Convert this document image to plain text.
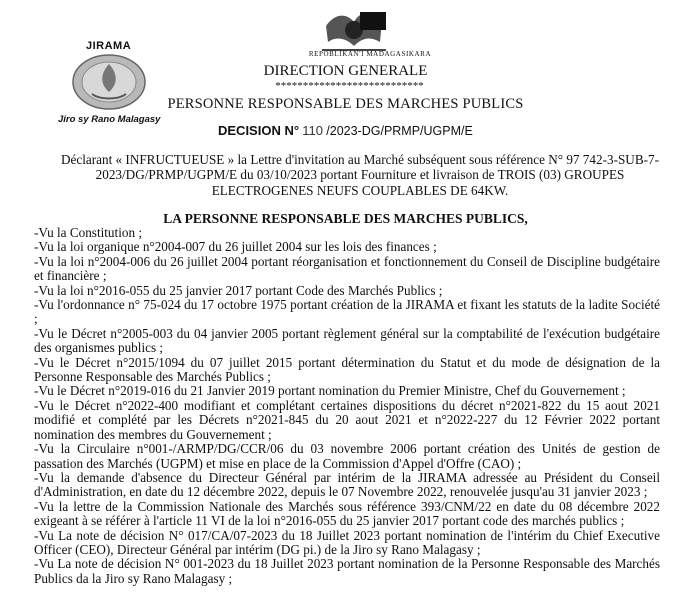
JIRAMA
Jiro sy Rano Malagasy
REPOBLIKAN'I MADAGASIKARA
DIRECTION GENERALE
***************************
PERSONNE RESPONSABLE DES MARCHES PUBLICS
DECISION N° 110 /2023-DG/PRMP/UGPM/E
Déclarant « INFRUCTUEUSE » la Lettre d'invitation au Marché subséquent sous référence N° 97 742-3-SUB-7-2023/DG/PRMP/UGPM/E du 03/10/2023 portant Fourniture et livraison de TROIS (03) GROUPES ELECTROGENES NEUFS COUPLABLES DE 64KW.
LA PERSONNE RESPONSABLE DES MARCHES PUBLICS,

-Vu la Constitution ;

-Vu la loi organique n°2004-007 du 26 juillet 2004 sur les lois des finances ;

-Vu la loi n°2004-006 du 26 juillet 2004 portant réorganisation et fonctionnement du Conseil de Discipline budgétaire et financière ;

-Vu la loi n°2016-055 du 25 janvier 2017 portant Code des Marchés Publics ;

-Vu l'ordonnance n° 75-024 du 17 octobre 1975 portant création de la JIRAMA et fixant les statuts de la ladite Société ;

-Vu le Décret n°2005-003 du 04 janvier 2005 portant règlement général sur la comptabilité de l'exécution budgétaire des organismes publics ;

-Vu le Décret n°2015/1094 du 07 juillet 2015 portant détermination du Statut et du mode de désignation de la Personne Responsable des Marchés Publics ;

-Vu le Décret n°2019-016 du 21 Janvier 2019 portant nomination du Premier Ministre, Chef du Gouvernement ;

-Vu le Décret n°2022-400 modifiant et complétant certaines dispositions du décret n°2021-822 du 15 aout 2021 modifié et complété par les Décrets n°2021-845 du 20 aout 2021 et n°2022-227 du 12 Février 2022 portant nomination des membres du Gouvernement ;

-Vu la Circulaire n°001-/ARMP/DG/CCR/06 du 03 novembre 2006 portant création des Unités de gestion de passation des Marchés (UGPM) et mise en place de la Commission d'Appel d'Offre (CAO) ;

-Vu la demande d'absence du Directeur Général par intérim de la JIRAMA adressée au Président du Conseil d'Administration, en date du 12 décembre 2022, depuis le 07 Novembre 2022, renouvelée jusqu'au 31 janvier 2023 ;

-Vu la lettre de la Commission Nationale des Marchés sous référence 393/CNM/22 en date du 08 décembre 2022 exigeant à se référer à l'article 11 VI de la loi n°2016-055 du 25 janvier 2017 portant code des marchés publics ;

-Vu La note de décision N° 017/CA/07-2023 du 18 Juillet 2023 portant nomination de l'intérim du Chief Executive Officer (CEO), Directeur Général par intérim (DG pi.) de la Jiro sy Rano Malagasy ;

-Vu La note de décision N° 001-2023 du 18 Juillet 2023 portant nomination de la Personne Responsable des Marchés Publics da la Jiro sy Rano Malagasy ;
